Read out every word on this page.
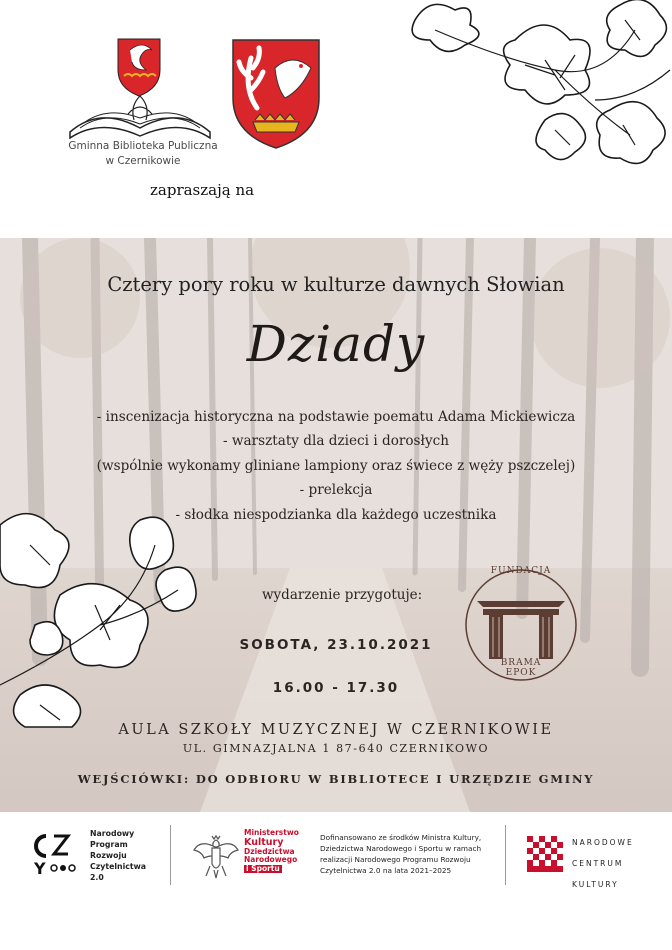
Gminna Biblioteka Publiczna
w Czernikowie
zapraszają na
Cztery pory roku w kulturze dawnych Słowian
Dziady
- inscenizacja historyczna na podstawie poematu Adama Mickiewicza
- warsztaty dla dzieci i dorosłych
(wspólnie wykonamy gliniane lampiony oraz świece z wężу pszczelej)
- prelekcja
- słodka niespodzianka dla każdego uczestnika
wydarzenie przygotuje:
FUNDACJA
BRAMA
EPOK
SOBOTA, 23.10.2021
16.00 - 17.30
AULA SZKOŁY MUZYCZNEJ W CZERNIKOWIE
UL. GIMNAZJALNA 1 87-640 CZERNIKOWO
WEJŚCIÓWKI: DO ODBIORU W BIBLIOTECE I URZĘDZIE GMINY
Y
Narodowy
Program
Rozwoju
Czytelnictwa
2.0
Ministerstwo
Kultury
Dziedzictwa
Narodowego
i Sportu
Dofinansowano ze środków Ministra Kultury,
Dziedzictwa Narodowego i Sportu w ramach
realizacji Narodowego Programu Rozwoju
Czytelnictwa 2.0 na lata 2021–2025
NARODOWE
CENTRUM
KULTURY
